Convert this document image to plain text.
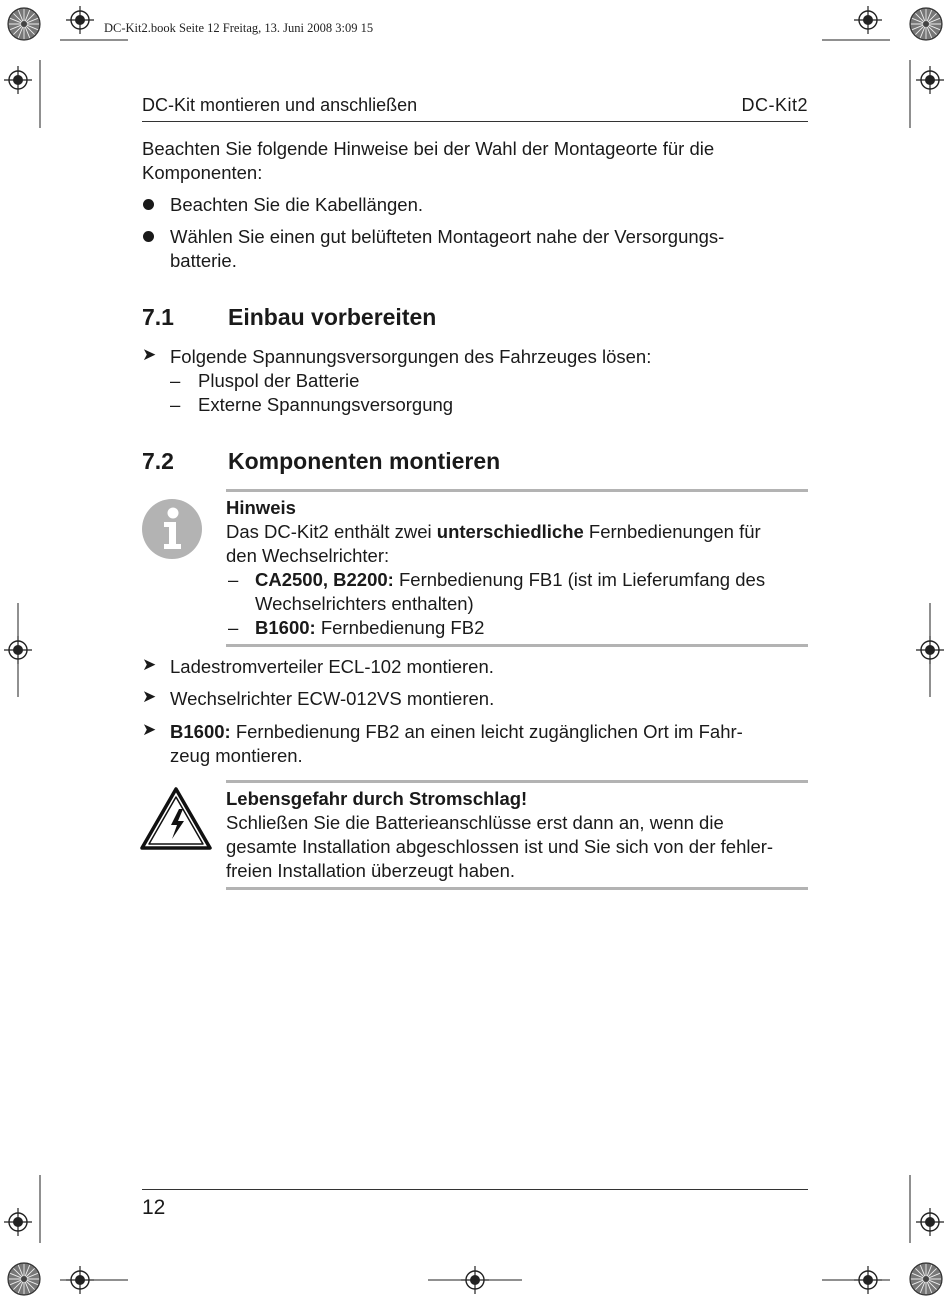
DC-Kit2.book Seite 12 Freitag, 13. Juni 2008 3:09 15
DC-Kit montieren und anschließen	DC-Kit2
Beachten Sie folgende Hinweise bei der Wahl der Montageorte für die
Komponenten:
Beachten Sie die Kabellängen.
Wählen Sie einen gut belüfteten Montageort nahe der Versorgungs-
batterie.
7.1 Einbau vorbereiten
➤ Folgende Spannungsversorgungen des Fahrzeuges lösen:
– Pluspol der Batterie
– Externe Spannungsversorgung
7.2 Komponenten montieren
Hinweis
Das DC-Kit2 enthält zwei unterschiedliche Fernbedienungen für
den Wechselrichter:
– CA2500, B2200: Fernbedienung FB1 (ist im Lieferumfang des
Wechselrichters enthalten)
– B1600: Fernbedienung FB2
➤ Ladestromverteiler ECL-102 montieren.
➤ Wechselrichter ECW-012VS montieren.
➤ B1600: Fernbedienung FB2 an einen leicht zugänglichen Ort im Fahr-
zeug montieren.
Lebensgefahr durch Stromschlag!
Schließen Sie die Batterieanschlüsse erst dann an, wenn die
gesamte Installation abgeschlossen ist und Sie sich von der fehler-
freien Installation überzeugt haben.
12
